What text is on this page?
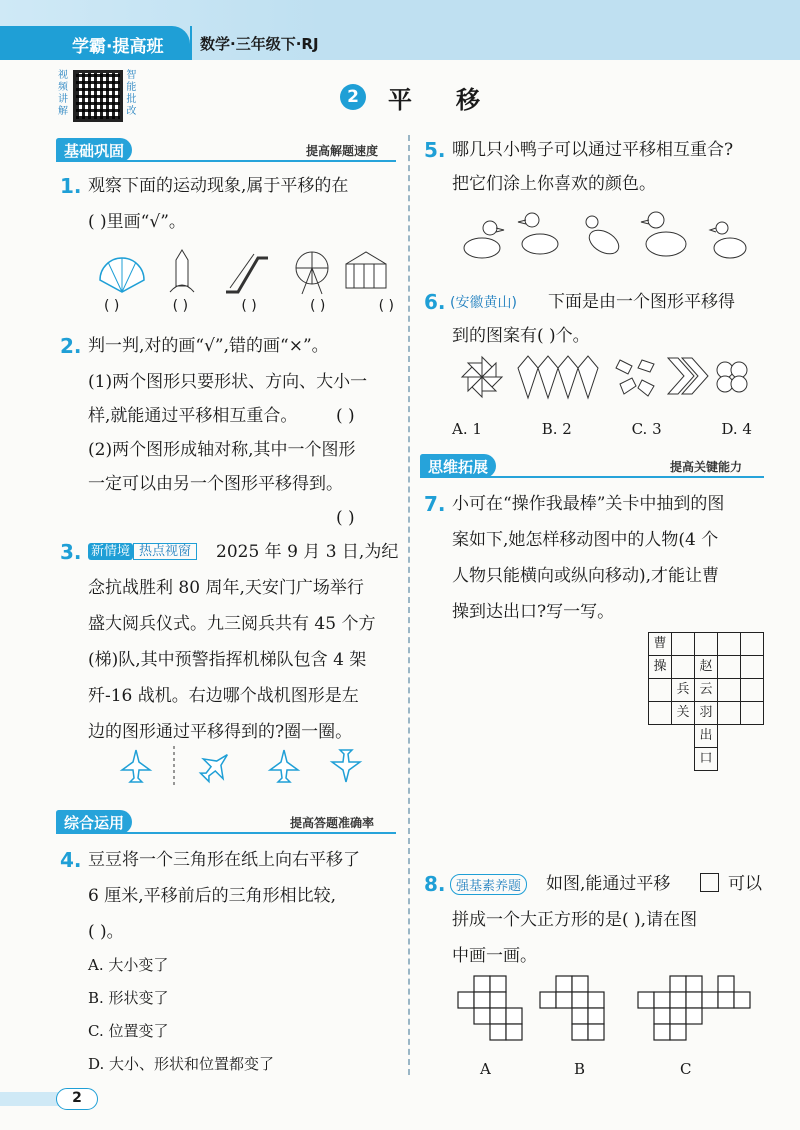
学霸·提高班	数学·三年级下·RJ
视频讲解
智能批改
2 平移
基础巩固	提高解题速度
1. 观察下面的运动现象,属于平移的在
( )里画“√”。
( )	( )	( )	( )	( )
2. 判一判,对的画“√”,错的画“×”。
(1)两个图形只要形状、方向、大小一
样,就能通过平移相互重合。 ( )
(2)两个图形成轴对称,其中一个图形
一定可以由另一个图形平移得到。
( )
3. 新情境 热点视窗	2025 年 9 月 3 日,为纪
念抗战胜利 80 周年,天安门广场举行
盛大阅兵仪式。九三阅兵共有 45 个方
(梯)队,其中预警指挥机梯队包含 4 架
歼-16 战机。右边哪个战机图形是左
边的图形通过平移得到的?圈一圈。
综合运用	提高答题准确率
4. 豆豆将一个三角形在纸上向右平移了
6 厘米,平移前后的三角形相比较,
( )。
A. 大小变了
B. 形状变了
C. 位置变了
D. 大小、形状和位置都变了
5. 哪几只小鸭子可以通过平移相互重合?
把它们涂上你喜欢的颜色。
6. (安徽黄山) 下面是由一个图形平移得
到的图案有( )个。
A. 1	B. 2	C. 3	D. 4
思维拓展	提高关键能力
7. 小可在“操作我最棒”关卡中抽到的图
案如下,她怎样移动图中的人物(4 个
人物只能横向或纵向移动),才能让曹
操到达出口?写一写。
曹				
操		赵		
	兵	云		
	关	羽		
		出		
		口		
8. 强基素养题	如图,能通过平移	可以
拼成一个大正方形的是( ),请在图
中画一画。
A	B	C
2
